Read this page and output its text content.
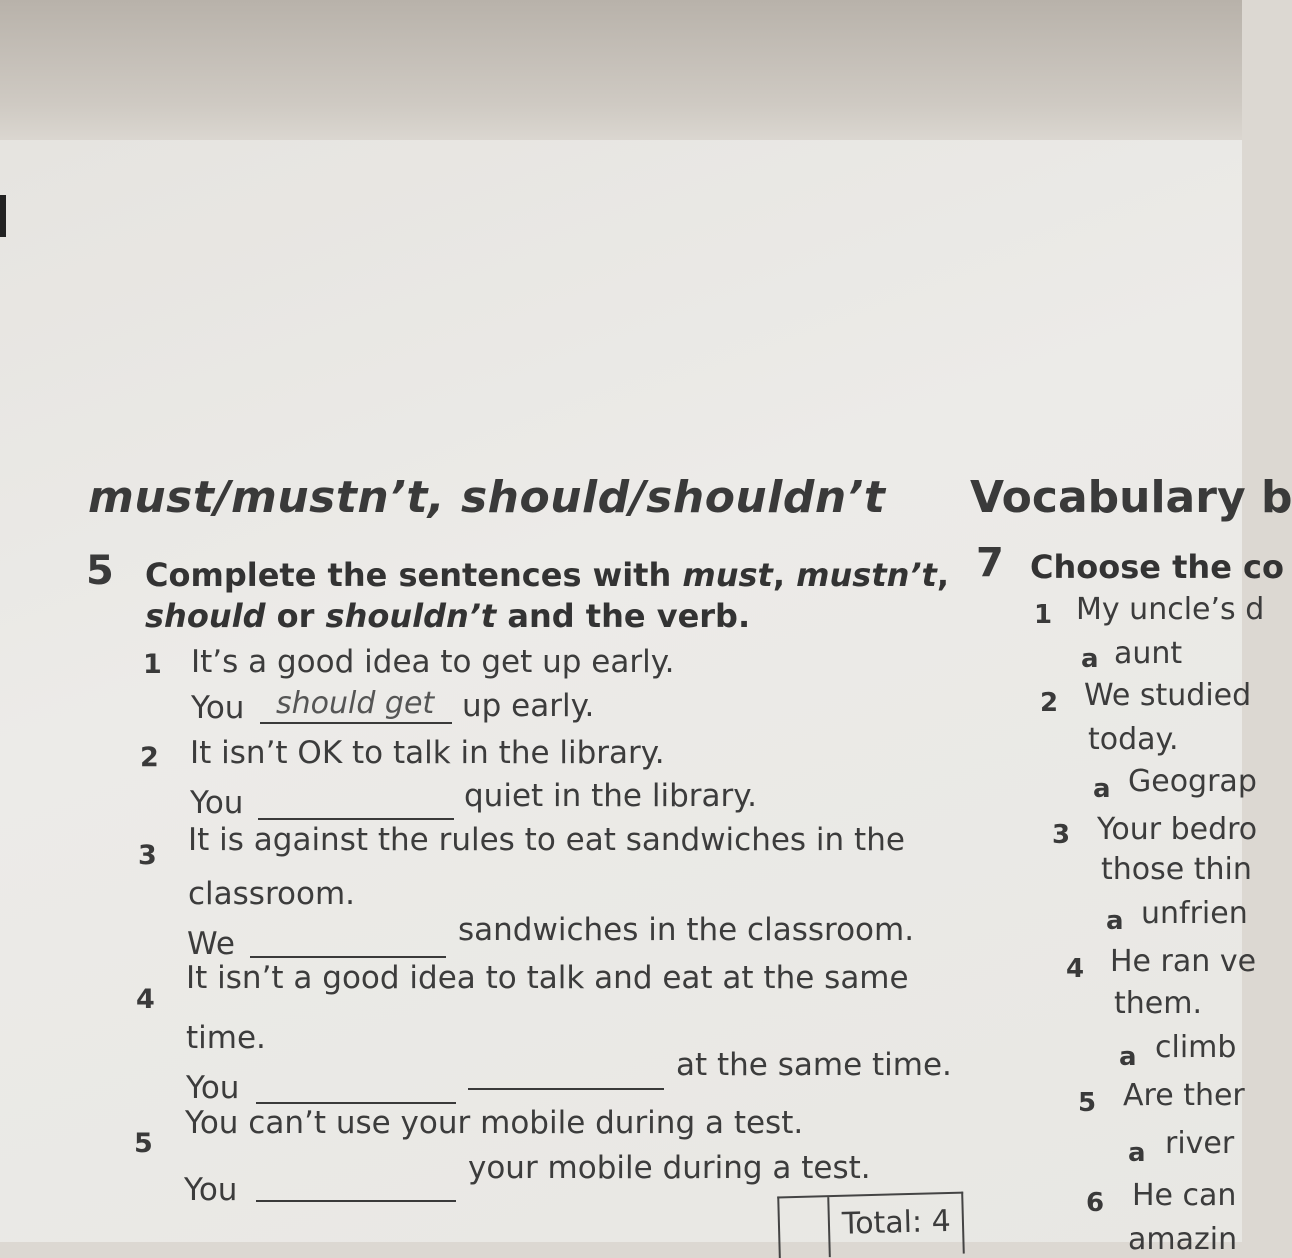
must/mustn’t, should/shouldn’t
5 Complete the sentences with must, mustn’t,
should or shouldn’t and the verb.
1 It’s a good idea to get up early.
You should get up early.
2 It isn’t OK to talk in the library.
You	quiet in the library.
3 It is against the rules to eat sandwiches in the
classroom.
We	sandwiches in the classroom.
4
It isn’t a good idea to talk and eat at the same
time.
You
at the same time.
5
You can’t use your mobile during a test.
You
your mobile during a test.
Total: 4
Vocabulary b
7 Choose the co
1 My uncle’s d
a aunt
2 We studied
today.
a Geograp
3 Your bedro
those thin
a unfrien
4 He ran ve
them.
a climb
5 Are ther
a river
6 He can
amazin
